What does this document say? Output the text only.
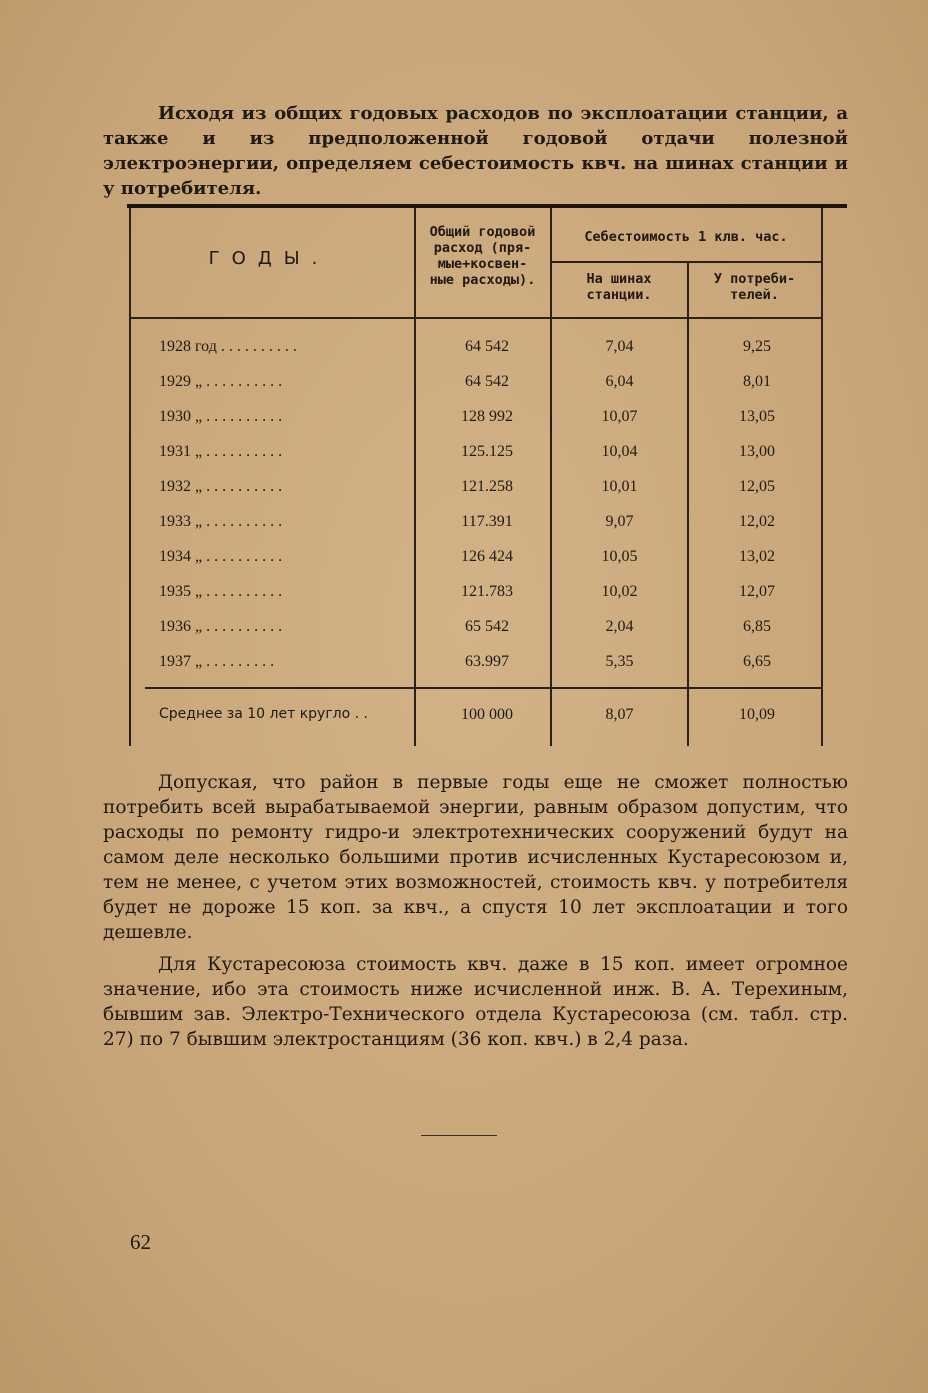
Исходя из общих годовых расходов по эксплоатации станции, а также и из предположенной годовой отдачи полезной электроэнергии, определяем себестоимость квч. на шинах станции и у потребителя.

ГОДЫ.
Общий годовой
расход (пря-
мые+косвен-
ные расходы).
Себестоимость 1 клв. час.
На шинах
станции.
У потреби-
телей.
1928 год . . . . . . . . . .	64 542	7,04	9,25
1929 „ . . . . . . . . . .	64 542	6,04	8,01
1930 „ . . . . . . . . . .	128 992	10,07	13,05
1931 „ . . . . . . . . . .	125.125	10,04	13,00
1932 „ . . . . . . . . . .	121.258	10,01	12,05
1933 „ . . . . . . . . . .	117.391	9,07	12,02
1934 „ . . . . . . . . . .	126 424	10,05	13,02
1935 „ . . . . . . . . . .	121.783	10,02	12,07
1936 „ . . . . . . . . . .	65 542	2,04	6,85
1937 „ . . . . . . . . .	63.997	5,35	6,65
Среднее за 10 лет кругло . .	100 000	8,07	10,09

Допуская, что район в первые годы еще не сможет полностью потребить всей вырабатываемой энергии, равным образом допустим, что расходы по ремонту гидро-и электротехнических сооружений будут на самом деле несколько большими против исчисленных Кустаресоюзом и, тем не менее, с учетом этих возможностей, стоимость квч. у потребителя будет не дороже 15 коп. за квч., а спустя 10 лет эксплоатации и того дешевле.

Для Кустаресоюза стоимость квч. даже в 15 коп. имеет огромное значение, ибо эта стоимость ниже исчисленной инж. В. А. Терехиным, бывшим зав. Электро-Технического отдела Кустаресоюза (см. табл. стр. 27) по 7 бывшим электростанциям (36 коп. квч.) в 2,4 раза.

62
